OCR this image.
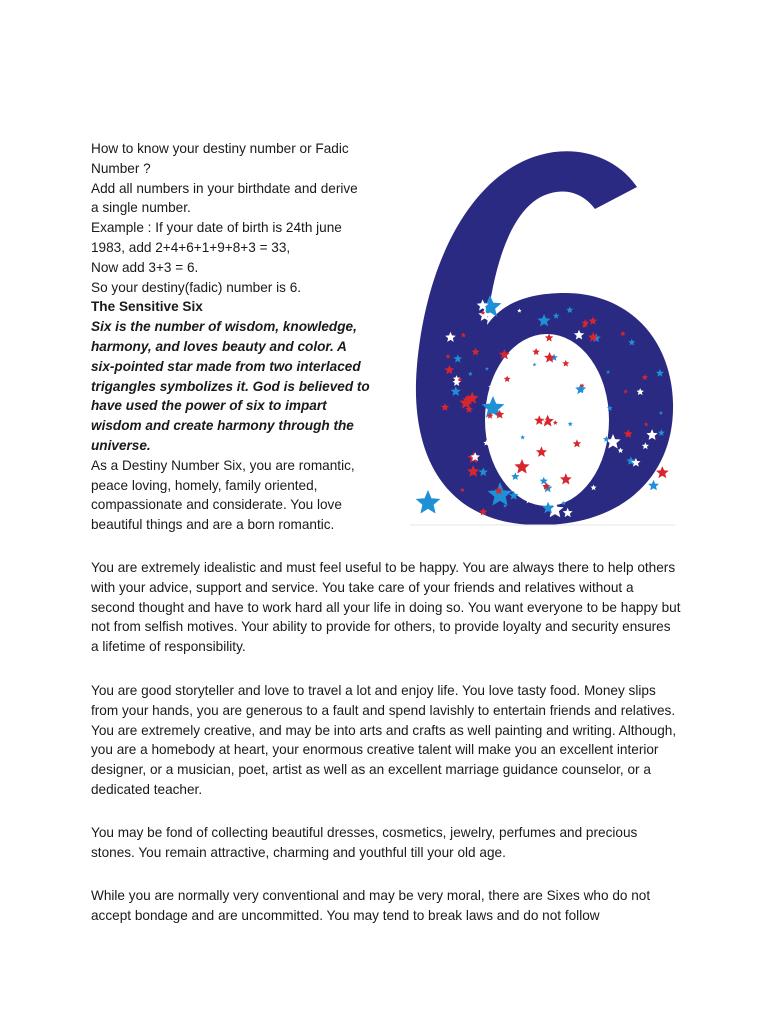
How to know your destiny number or Fadic

Number ?

Add all numbers in your birthdate and derive

a single number.

Example : If your date of birth is 24th june

1983, add 2+4+6+1+9+8+3 = 33,

Now add 3+3 = 6.

So your destiny(fadic) number is 6.

The Sensitive Six

Six is the number of wisdom, knowledge,

harmony, and loves beauty and color. A

six-pointed star made from two interlaced

trigangles symbolizes it. God is believed to

have used the power of six to impart

wisdom and create harmony through the

universe.

As a Destiny Number Six, you are romantic,

peace loving, homely, family oriented,

compassionate and considerate. You love

beautiful things and are a born romantic.

You are extremely idealistic and must feel useful to be happy. You are always there to help others with your advice, support and service. You take care of your friends and relatives without a second thought and have to work hard all your life in doing so. You want everyone to be happy but not from selfish motives. Your ability to provide for others, to provide loyalty and security ensures a lifetime of responsibility.

You are good storyteller and love to travel a lot and enjoy life. You love tasty food. Money slips from your hands, you are generous to a fault and spend lavishly to entertain friends and relatives. You are extremely creative, and may be into arts and crafts as well painting and writing. Although, you are a homebody at heart, your enormous creative talent will make you an excellent interior designer, or a musician, poet, artist as well as an excellent marriage guidance counselor, or a dedicated teacher.

You may be fond of collecting beautiful dresses, cosmetics, jewelry, perfumes and precious stones. You remain attractive, charming and youthful till your old age.

While you are normally very conventional and may be very moral, there are Sixes who do not accept bondage and are uncommitted. You may tend to break laws and do not follow
